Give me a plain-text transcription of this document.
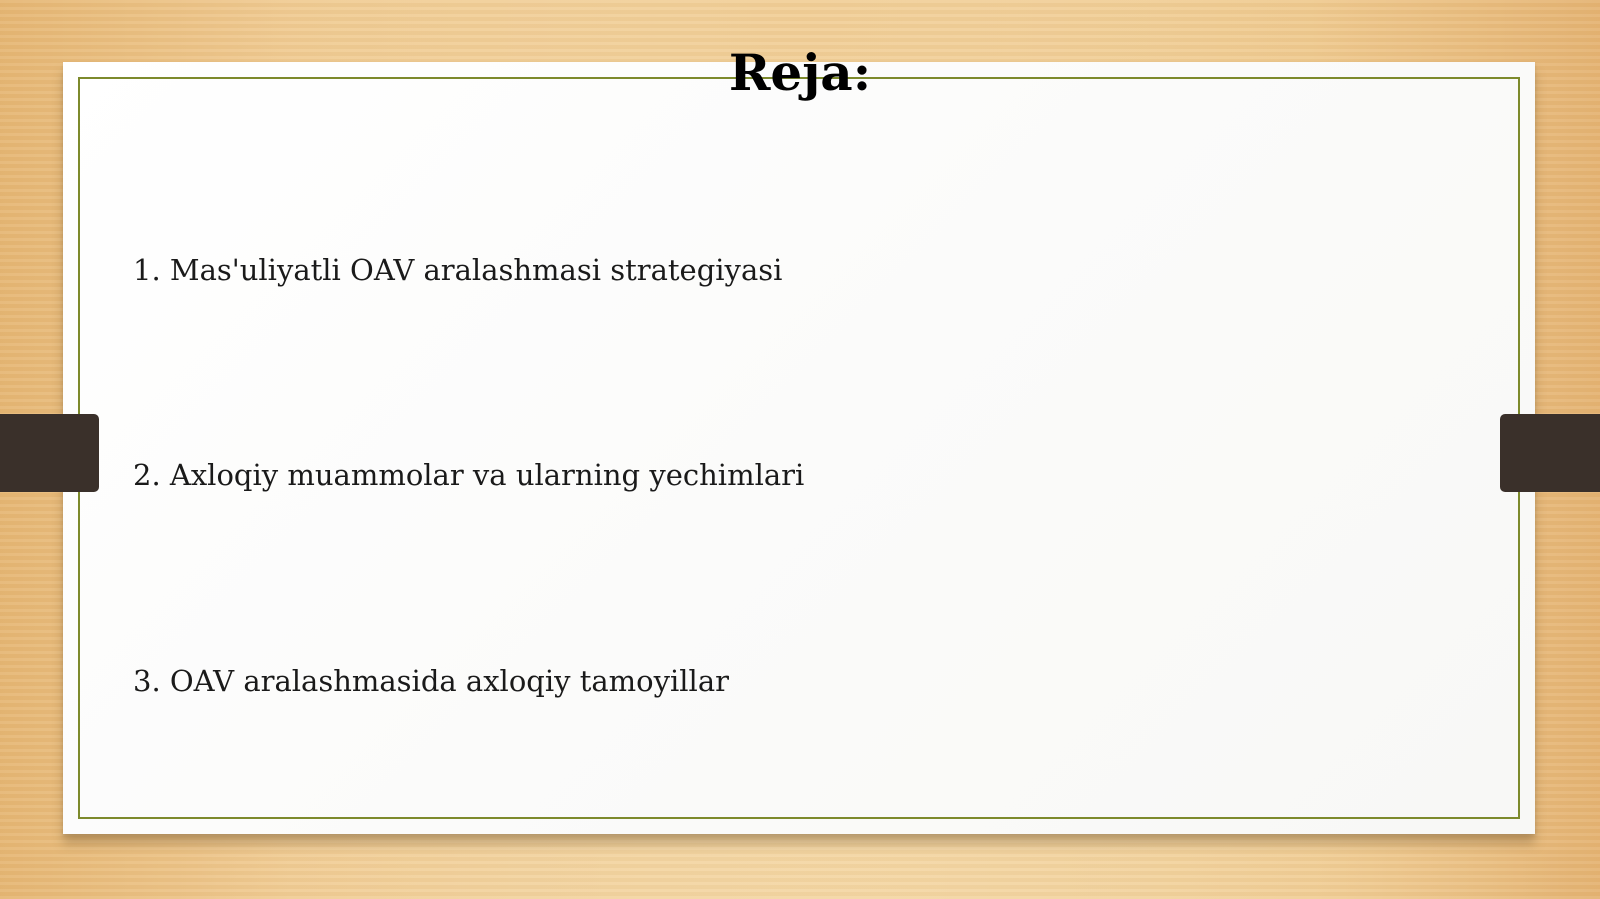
Reja:

1. Mas'uliyatli OAV aralashmasi strategiyasi

2. Axloqiy muammolar va ularning yechimlari

3. OAV aralashmasida axloqiy tamoyillar
